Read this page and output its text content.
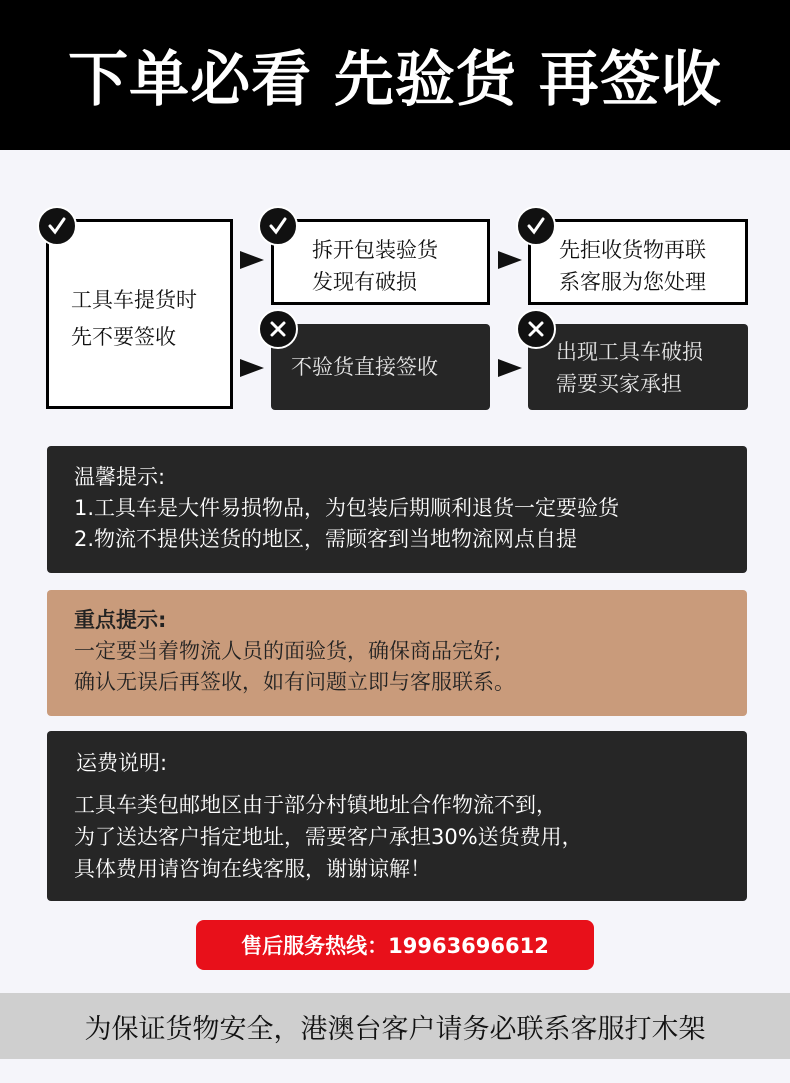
下单必看 先验货 再签收
工具车提货时
先不要签收
拆开包装验货
发现有破损
先拒收货物再联
系客服为您处理
不验货直接签收
出现工具车破损
需要买家承担
温馨提示:
1.工具车是大件易损物品，为包装后期顺利退货一定要验货
2.物流不提供送货的地区，需顾客到当地物流网点自提
重点提示:
一定要当着物流人员的面验货，确保商品完好;
确认无误后再签收，如有问题立即与客服联系。
运费说明:
工具车类包邮地区由于部分村镇地址合作物流不到，
为了送达客户指定地址，需要客户承担30%送货费用，
具体费用请咨询在线客服，谢谢谅解！
售后服务热线：19963696612
为保证货物安全，港澳台客户请务必联系客服打木架
